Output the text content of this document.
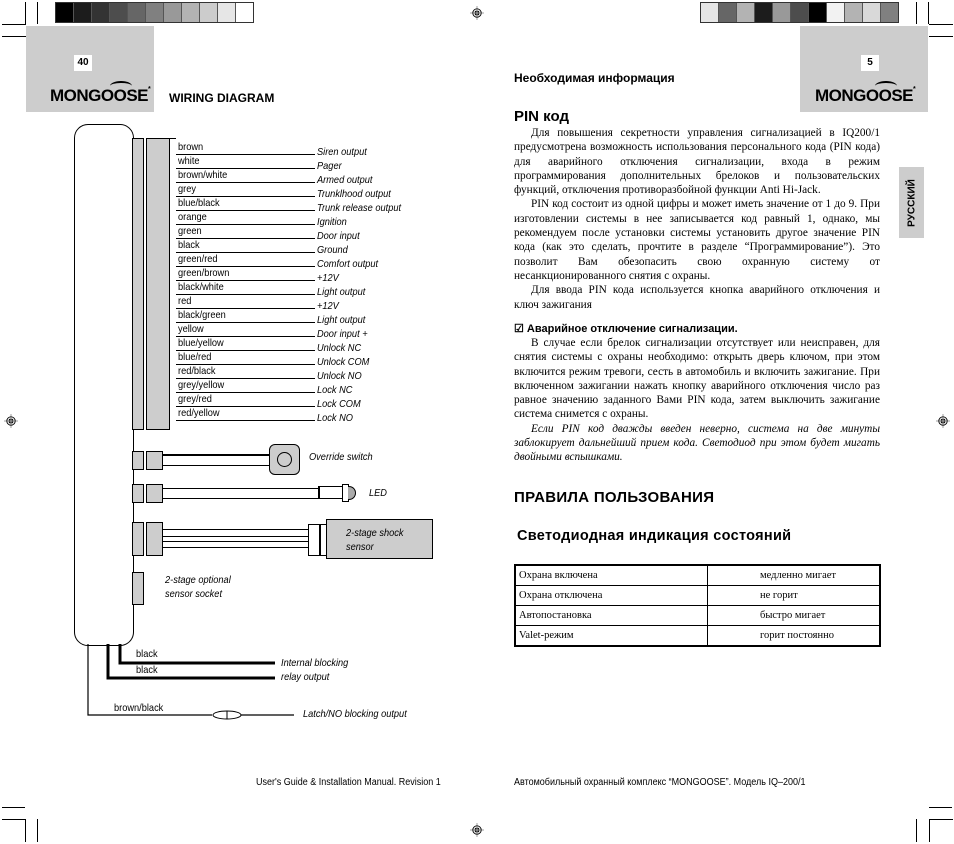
40
MONGOOSE*
WIRING DIAGRAM
brown	Siren output
white	Pager
brown/white	Armed output
grey	Trunklhood output
blue/black	Trunk release output
orange	Ignition
green	Door input
black	Ground
green/red	Comfort output
green/brown	+12V
black/white	Light output
red	+12V
black/green	Light output
yellow	Door input +
blue/yellow	Unlock NC
blue/red	Unlock COM
red/black	Unlock NO
grey/yellow	Lock NC
grey/red	Lock COM
red/yellow	Lock NO
Override switch
LED
2-stage shock
sensor
2-stage optional
sensor socket
black
black
Internal blocking
relay output
brown/black	Latch/NO blocking output
User's Guide & Installation Manual. Revision 1
5
MONGOOSE*
Необходимая информация
РУССКИЙ
PIN код

Для повышения секретности управления сигнализацией в IQ200/1 предусмотрена возможность использования персонального кода (PIN кода) для аварийного отключения сигнализации, входа в режим программирования дополнительных брелоков и пользовательских функций, отключения противоразбойной функции Anti Hi-Jack.

PIN код состоит из одной цифры и может иметь значение от 1 до 9. При изготовлении системы в нее записывается код равный 1, однако, мы рекомендуем после установки системы установить другое значение PIN кода (как это сделать, прочтите в разделе “Программирование”). Это позволит Вам обезопасить свою охранную систему от несанкционированного снятия с охраны.

Для ввода PIN кода используется кнопка аварийного отключения и ключ зажигания

☑ Аварийное отключение сигнализации.

В случае если брелок сигнализации отсутствует или неисправен, для снятия системы с охраны необходимо: открыть дверь ключом, при этом включится режим тревоги, сесть в автомобиль и включить зажигание. При включенном зажигании нажать кнопку аварийного отключения число раз равное значению заданного Вами PIN кода, затем выключить зажигание система снимется с охраны.

Если PIN код дважды введен неверно, система на две минуты заблокирует дальнейший прием кода. Светодиод при этом будет мигать двойными вспышками.

ПРАВИЛА ПОЛЬЗОВАНИЯ
Светодиодная индикация состояний
Охрана включена	медленно мигает
Охрана отключена	не горит
Автопостановка	быстро мигает
Valet-режим	горит постоянно
Автомобильный охранный комплекс “MONGOOSE”. Модель IQ–200/1
